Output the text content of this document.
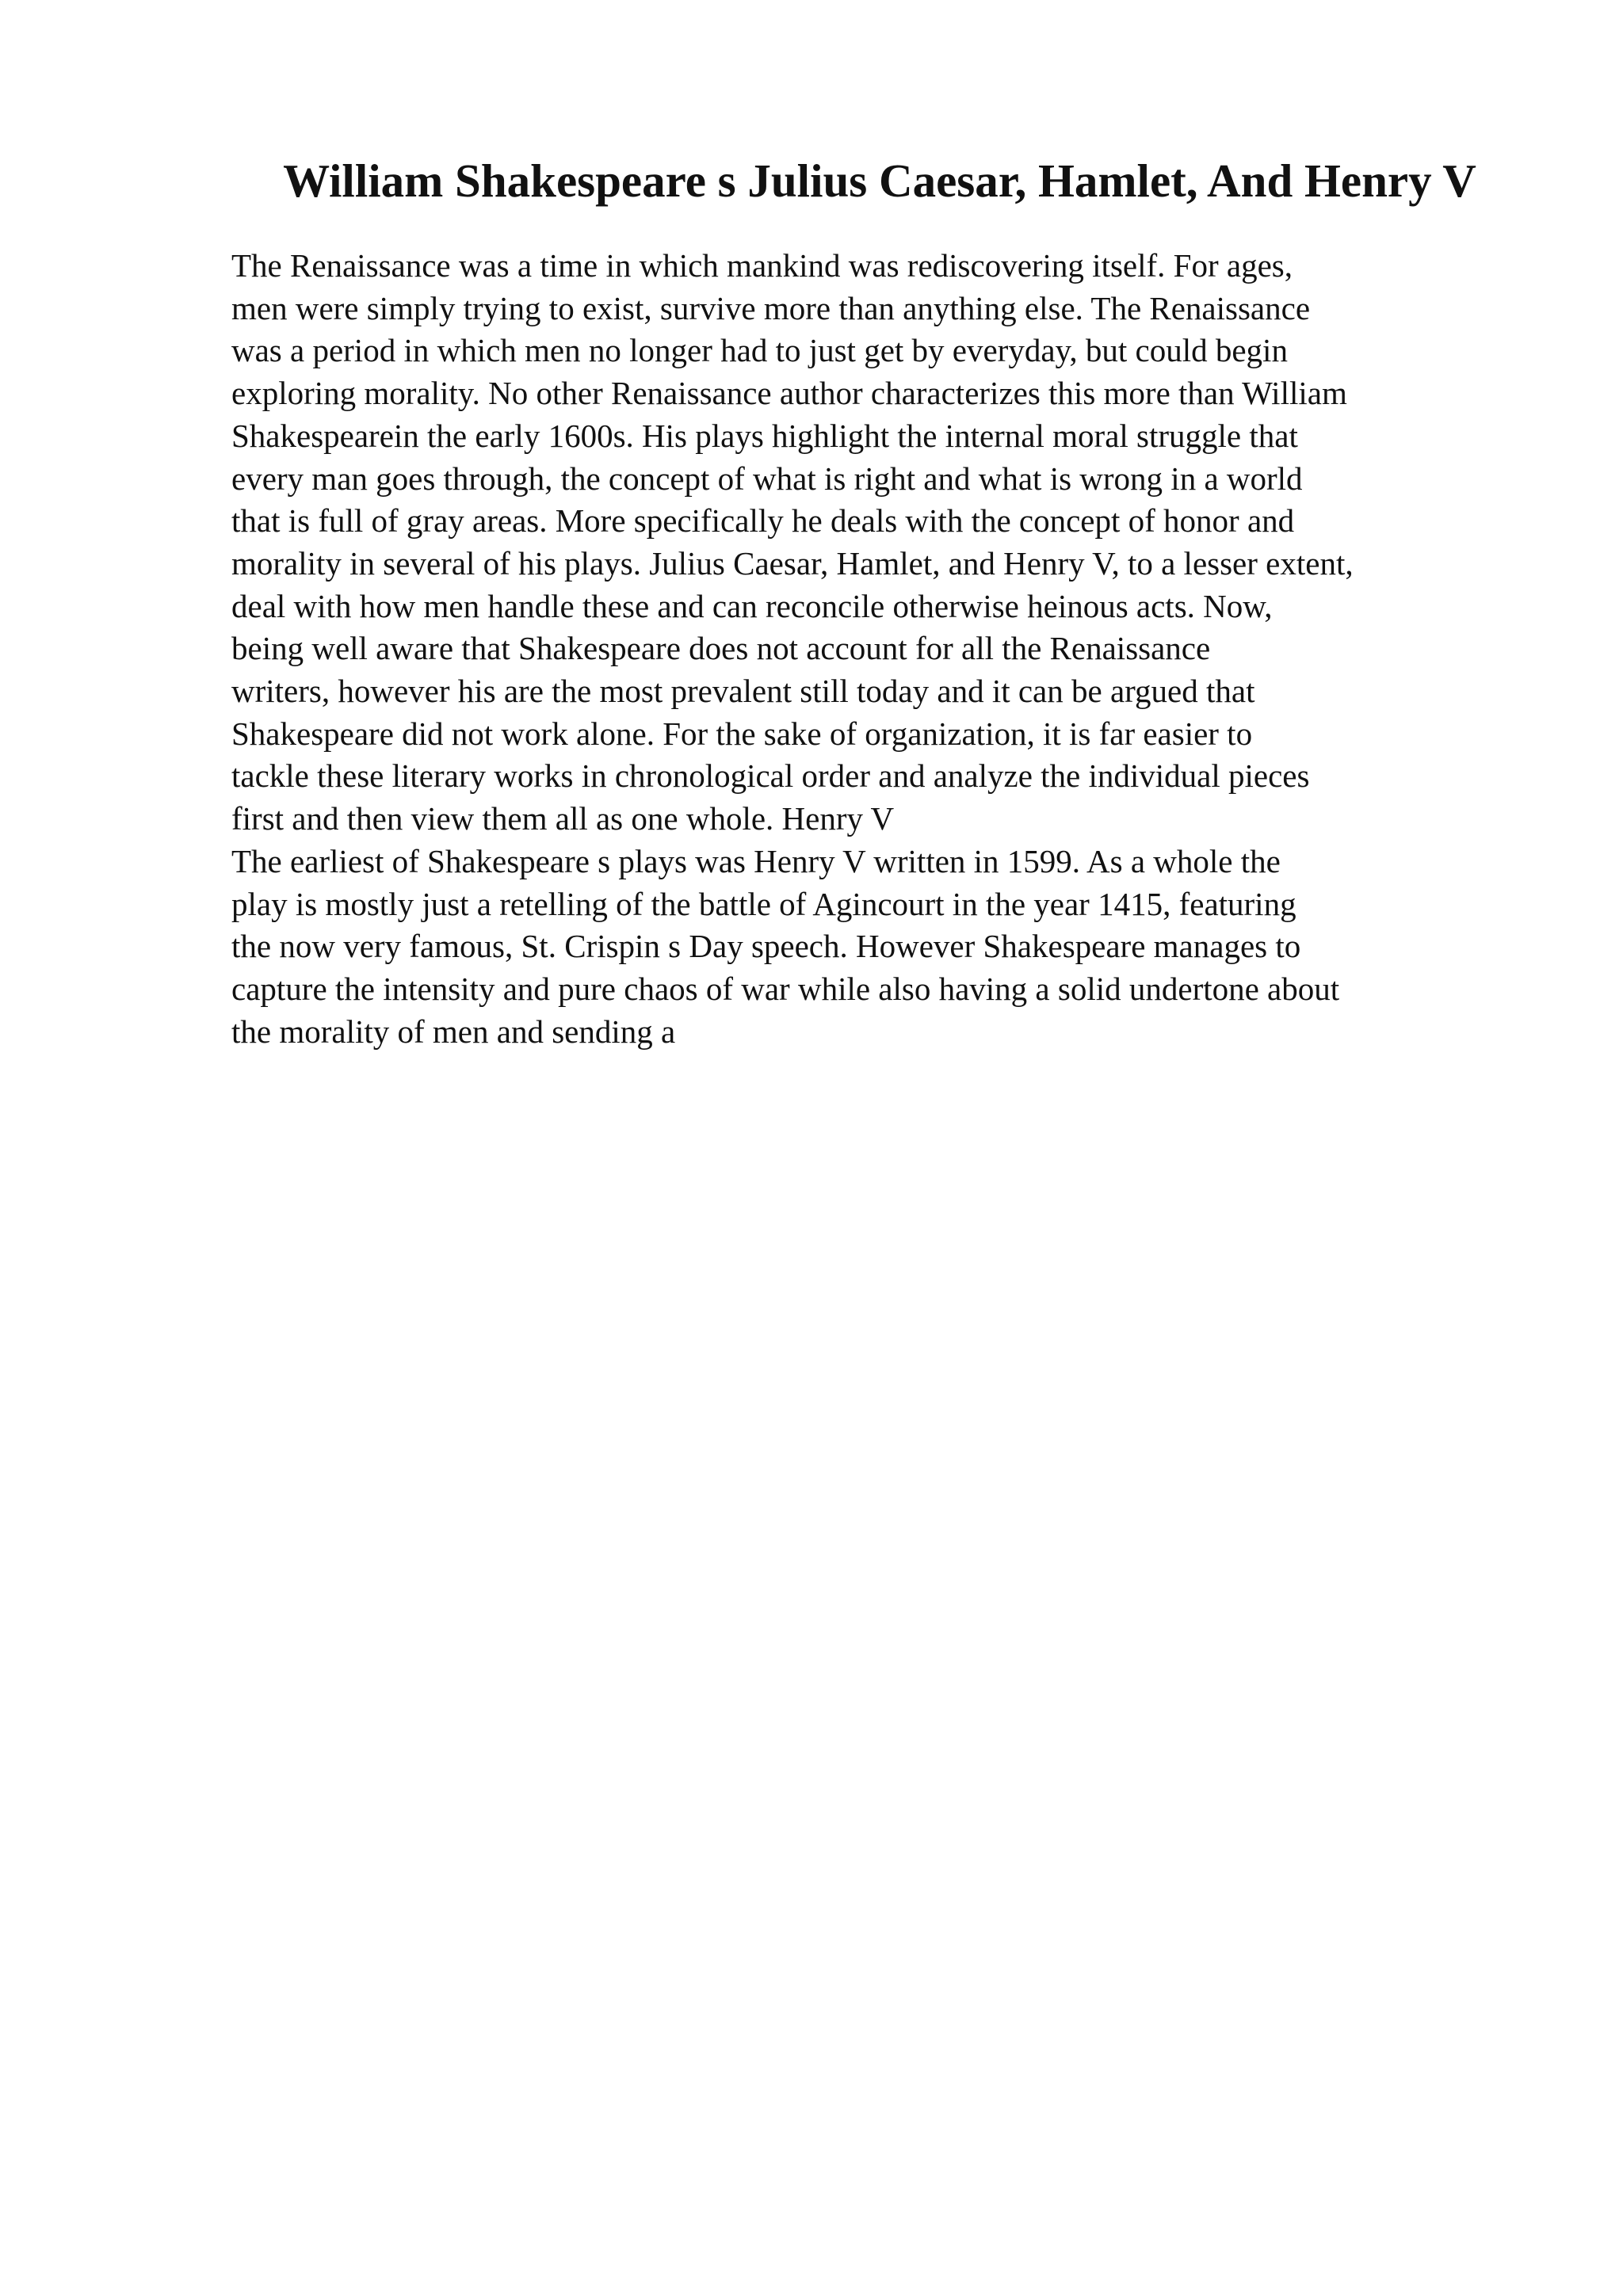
William Shakespeare s Julius Caesar, Hamlet, And Henry V
The Renaissance was a time in which mankind was rediscovering itself. For ages,
men were simply trying to exist, survive more than anything else. The Renaissance
was a period in which men no longer had to just get by everyday, but could begin
exploring morality. No other Renaissance author characterizes this more than William
Shakespearein the early 1600s. His plays highlight the internal moral struggle that
every man goes through, the concept of what is right and what is wrong in a world
that is full of gray areas. More specifically he deals with the concept of honor and
morality in several of his plays. Julius Caesar, Hamlet, and Henry V, to a lesser extent,
deal with how men handle these and can reconcile otherwise heinous acts. Now,
being well aware that Shakespeare does not account for all the Renaissance
writers, however his are the most prevalent still today and it can be argued that
Shakespeare did not work alone. For the sake of organization, it is far easier to
tackle these literary works in chronological order and analyze the individual pieces
first and then view them all as one whole. Henry V
The earliest of Shakespeare s plays was Henry V written in 1599. As a whole the
play is mostly just a retelling of the battle of Agincourt in the year 1415, featuring
the now very famous, St. Crispin s Day speech. However Shakespeare manages to
capture the intensity and pure chaos of war while also having a solid undertone about
the morality of men and sending a
